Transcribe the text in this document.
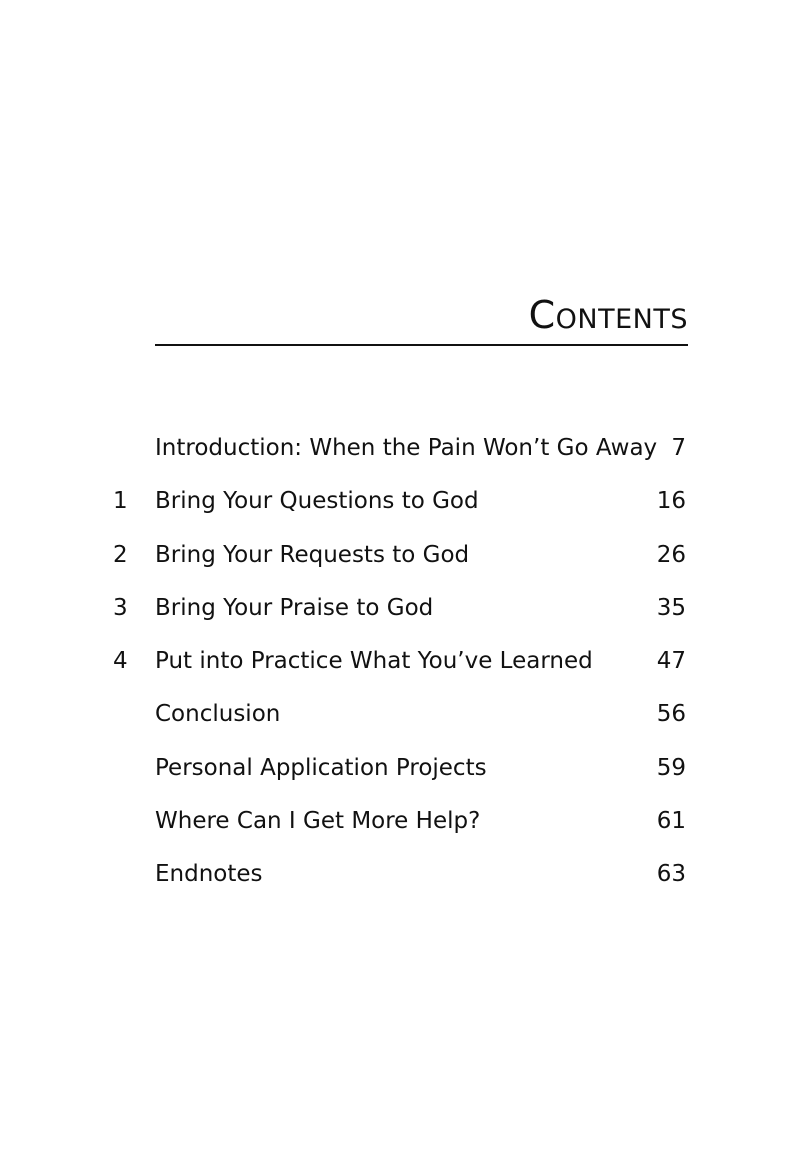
Contents
Introduction: When the Pain Won’t Go Away 7
1	Bring Your Questions to God	16
2	Bring Your Requests to God	26
3	Bring Your Praise to God	35
4	Put into Practice What You’ve Learned	47
Conclusion	56
Personal Application Projects	59
Where Can I Get More Help?	61
Endnotes	63
